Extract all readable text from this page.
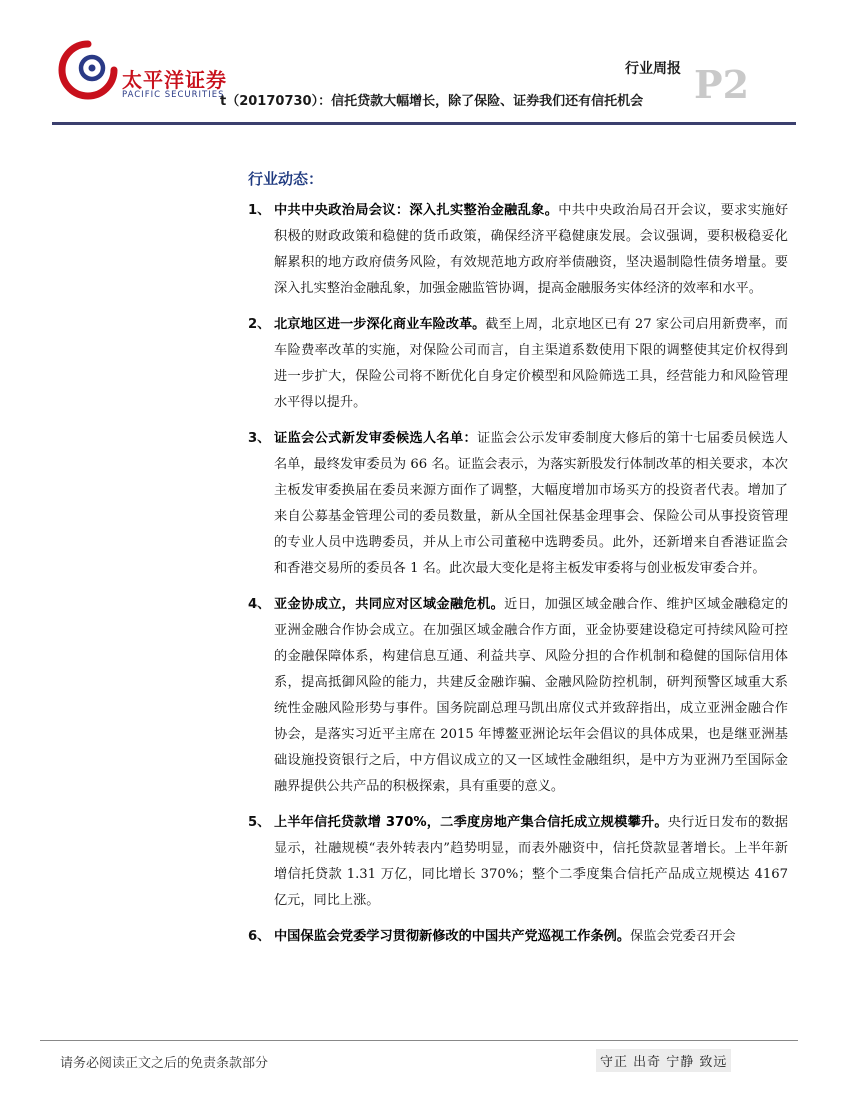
太平洋证券
PACIFIC SECURITIES
t（20170730）：信托贷款大幅增长，除了保险、证券我们还有信托机会
行业周报 P2
行业动态：
1、 中共中央政治局会议：深入扎实整治金融乱象。中共中央政治局召开会议，要求实施好积极的财政政策和稳健的货币政策，确保经济平稳健康发展。会议强调，要积极稳妥化解累积的地方政府债务风险，有效规范地方政府举债融资，坚决遏制隐性债务增量。要深入扎实整治金融乱象，加强金融监管协调，提高金融服务实体经济的效率和水平。
2、 北京地区进一步深化商业车险改革。截至上周，北京地区已有 27 家公司启用新费率，而车险费率改革的实施，对保险公司而言，自主渠道系数使用下限的调整使其定价权得到进一步扩大，保险公司将不断优化自身定价模型和风险筛选工具，经营能力和风险管理水平得以提升。
3、 证监会公式新发审委候选人名单：证监会公示发审委制度大修后的第十七届委员候选人名单，最终发审委员为 66 名。证监会表示，为落实新股发行体制改革的相关要求，本次主板发审委换届在委员来源方面作了调整，大幅度增加市场买方的投资者代表。增加了来自公募基金管理公司的委员数量，新从全国社保基金理事会、保险公司从事投资管理的专业人员中选聘委员，并从上市公司董秘中选聘委员。此外，还新增来自香港证监会和香港交易所的委员各 1 名。此次最大变化是将主板发审委将与创业板发审委合并。
4、 亚金协成立，共同应对区域金融危机。近日，加强区域金融合作、维护区域金融稳定的亚洲金融合作协会成立。在加强区域金融合作方面，亚金协要建设稳定可持续风险可控的金融保障体系，构建信息互通、利益共享、风险分担的合作机制和稳健的国际信用体系，提高抵御风险的能力，共建反金融诈骗、金融风险防控机制，研判预警区域重大系统性金融风险形势与事件。国务院副总理马凯出席仪式并致辞指出，成立亚洲金融合作协会，是落实习近平主席在 2015 年博鳌亚洲论坛年会倡议的具体成果，也是继亚洲基础设施投资银行之后，中方倡议成立的又一区域性金融组织，是中方为亚洲乃至国际金融界提供公共产品的积极探索，具有重要的意义。
5、 上半年信托贷款增 370%，二季度房地产集合信托成立规模攀升。央行近日发布的数据显示，社融规模“表外转表内”趋势明显，而表外融资中，信托贷款显著增长。上半年新增信托贷款 1.31 万亿，同比增长 370%；整个二季度集合信托产品成立规模达 4167 亿元，同比上涨。
6、 中国保监会党委学习贯彻新修改的中国共产党巡视工作条例。保监会党委召开会
请务必阅读正文之后的免责条款部分	守正 出奇 宁静 致远
